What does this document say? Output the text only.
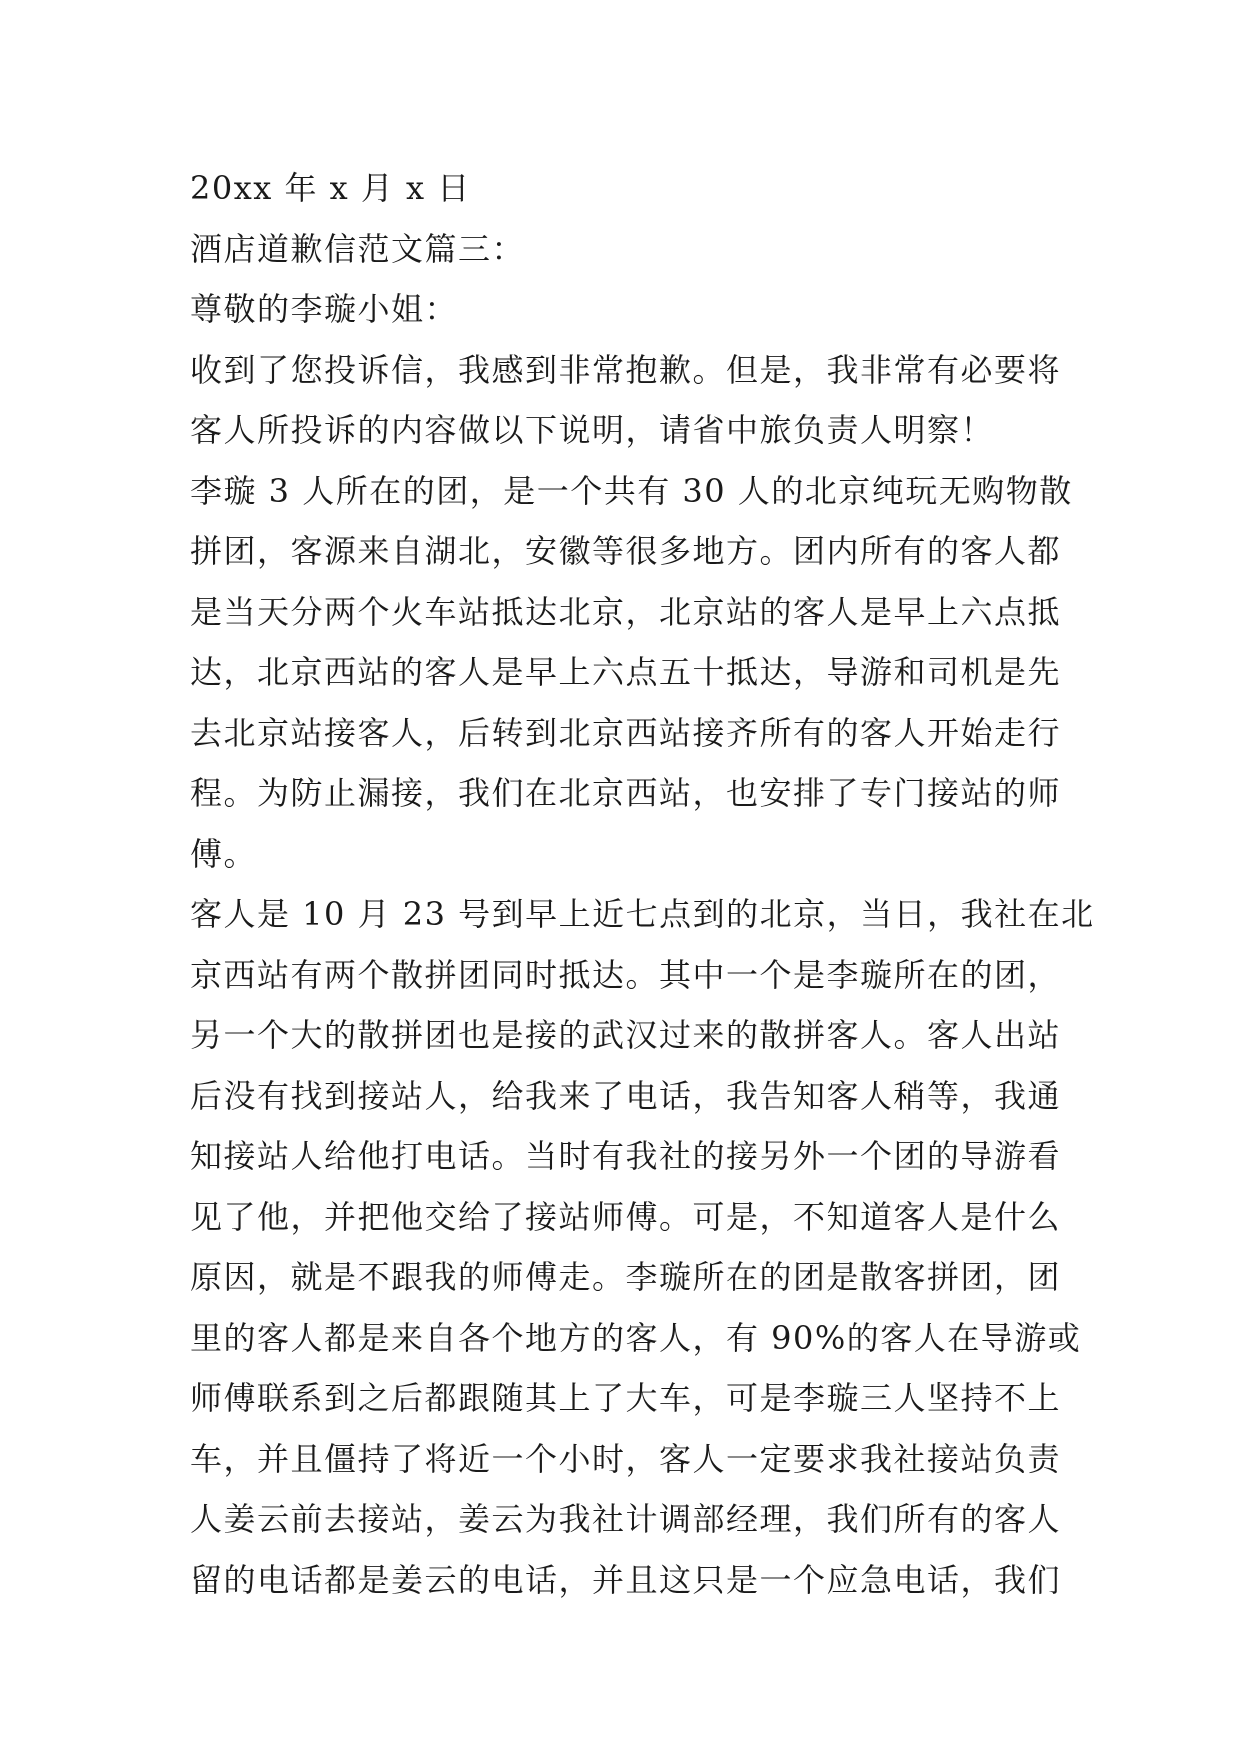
20xx 年 x 月 x 日
酒店道歉信范文篇三：
尊敬的李璇小姐：
收到了您投诉信，我感到非常抱歉。但是，我非常有必要将
客人所投诉的内容做以下说明，请省中旅负责人明察！
李璇 3 人所在的团，是一个共有 30 人的北京纯玩无购物散
拼团，客源来自湖北，安徽等很多地方。团内所有的客人都
是当天分两个火车站抵达北京，北京站的客人是早上六点抵
达，北京西站的客人是早上六点五十抵达，导游和司机是先
去北京站接客人，后转到北京西站接齐所有的客人开始走行
程。为防止漏接，我们在北京西站，也安排了专门接站的师
傅。
客人是 10 月 23 号到早上近七点到的北京，当日，我社在北
京西站有两个散拼团同时抵达。其中一个是李璇所在的团，
另一个大的散拼团也是接的武汉过来的散拼客人。客人出站
后没有找到接站人，给我来了电话，我告知客人稍等，我通
知接站人给他打电话。当时有我社的接另外一个团的导游看
见了他，并把他交给了接站师傅。可是，不知道客人是什么
原因，就是不跟我的师傅走。李璇所在的团是散客拼团，团
里的客人都是来自各个地方的客人，有 90%的客人在导游或
师傅联系到之后都跟随其上了大车，可是李璇三人坚持不上
车，并且僵持了将近一个小时，客人一定要求我社接站负责
人姜云前去接站，姜云为我社计调部经理，我们所有的客人
留的电话都是姜云的电话，并且这只是一个应急电话，我们
